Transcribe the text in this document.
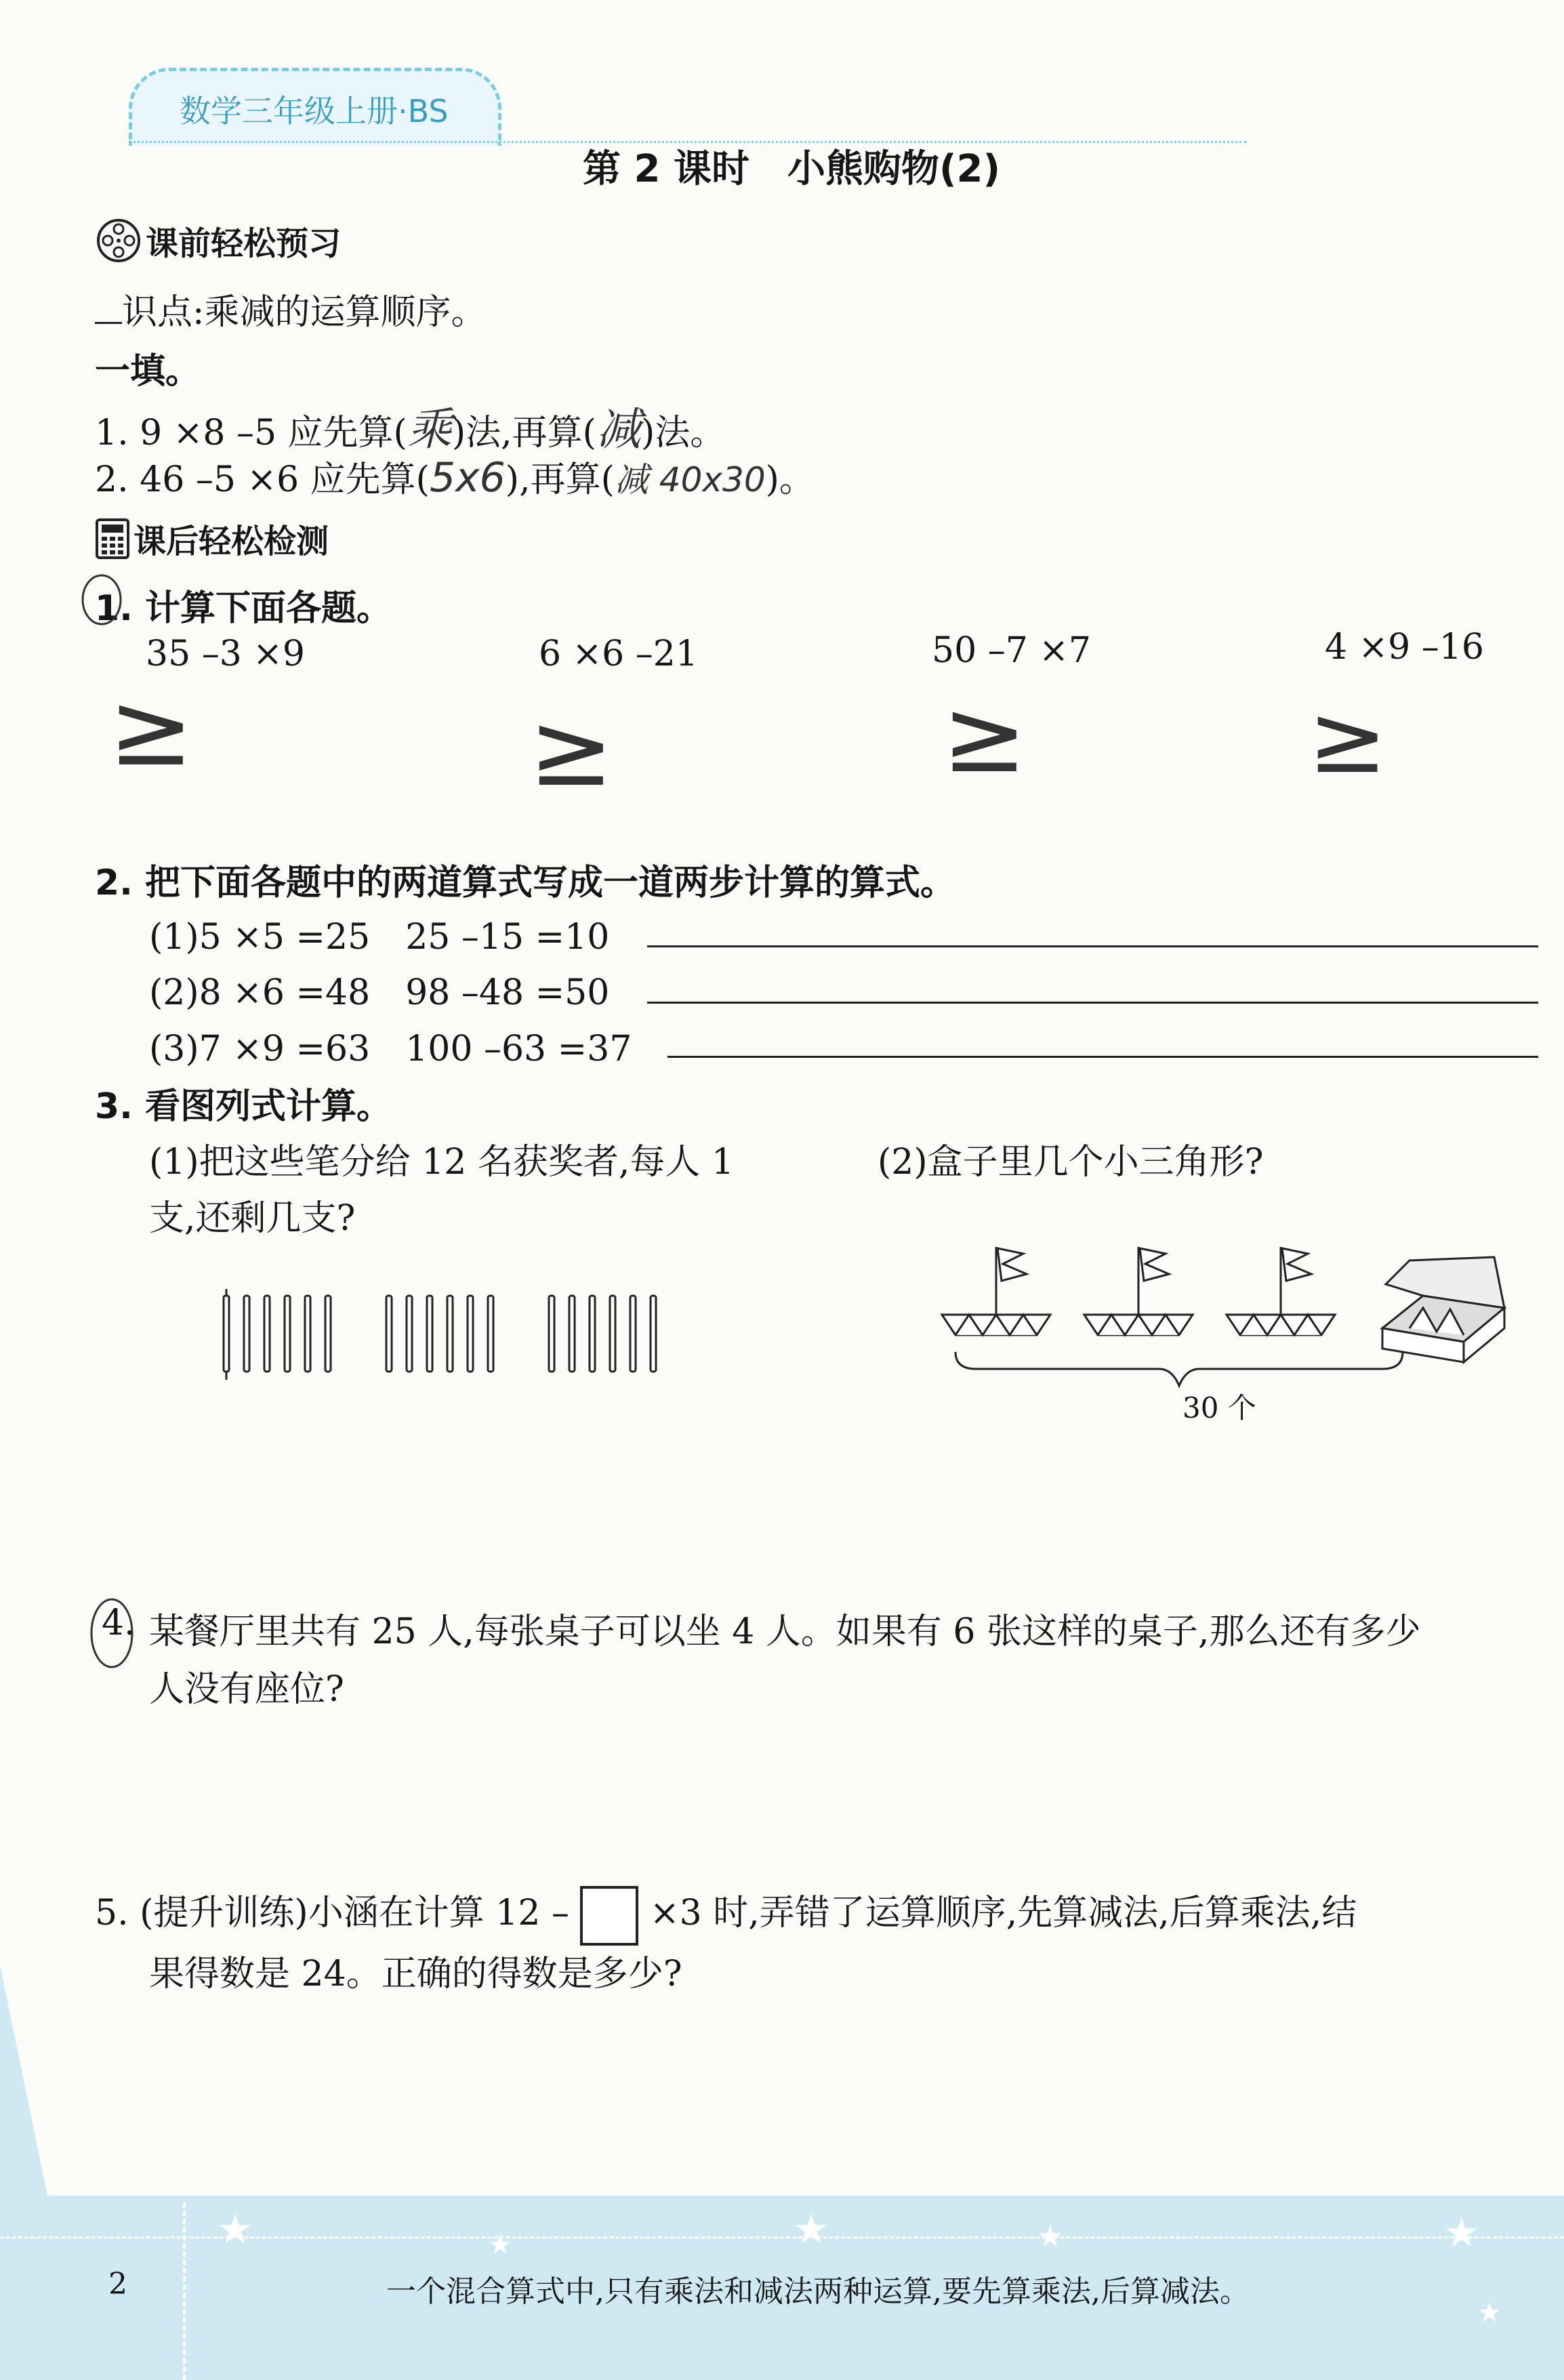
数学三年级上册·BS
第 2 课时　小熊购物(2)
课前轻松预习
识点:乘减的运算顺序。
一填。
1. 9 ×8 –5 应先算(乘)法,再算(减)法。
2. 46 –5 ×6 应先算(5x6),再算(减 40x30)。
课后轻松检测
1. 计算下面各题。
35 –3 ×9	6 ×6 –21	50 –7 ×7	4 ×9 –16
≥	≥	≥	≥
2. 把下面各题中的两道算式写成一道两步计算的算式。
(1)5 ×5 =25　25 –15 =10
(2)8 ×6 =48　98 –48 =50
(3)7 ×9 =63　100 –63 =37
3. 看图列式计算。
(1)把这些笔分给 12 名获奖者,每人 1
支,还剩几支?
(2)盒子里几个小三角形?
30 个
4. 某餐厅里共有 25 人,每张桌子可以坐 4 人。如果有 6 张这样的桌子,那么还有多少
人没有座位?
5. (提升训练)小涵在计算 12 – ×3 时,弄错了运算顺序,先算减法,后算乘法,结
果得数是 24。正确的得数是多少?
★	★	★	★	★
★
2	一个混合算式中,只有乘法和减法两种运算,要先算乘法,后算减法。
